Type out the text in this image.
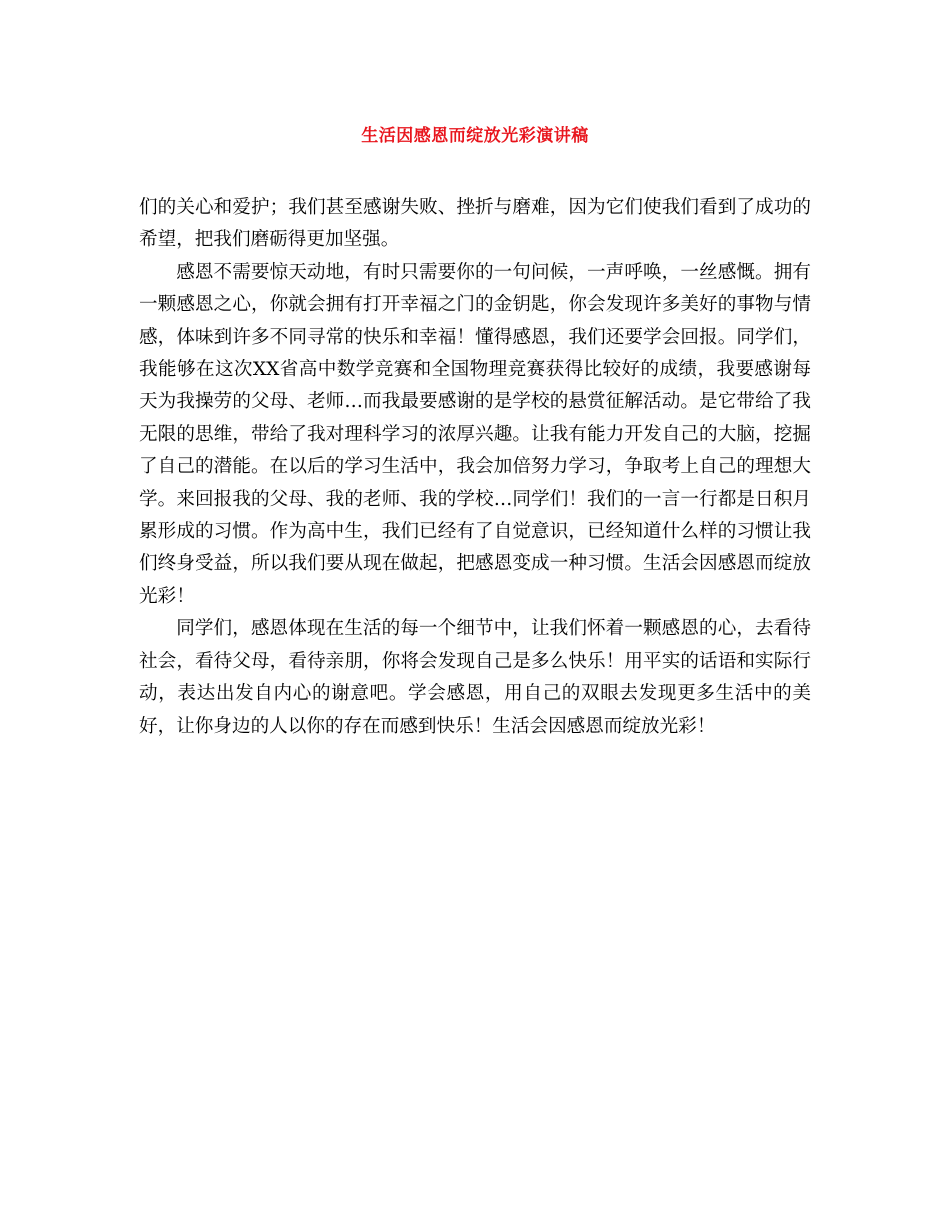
生活因感恩而绽放光彩演讲稿

们的关心和爱护；我们甚至感谢失败、挫折与磨难，因为它们使我们看到了成功的希望，把我们磨砺得更加坚强。

感恩不需要惊天动地，有时只需要你的一句问候，一声呼唤，一丝感慨。拥有一颗感恩之心，你就会拥有打开幸福之门的金钥匙，你会发现许多美好的事物与情感，体味到许多不同寻常的快乐和幸福！懂得感恩，我们还要学会回报。同学们，我能够在这次XX省高中数学竞赛和全国物理竞赛获得比较好的成绩，我要感谢每天为我操劳的父母、老师…而我最要感谢的是学校的悬赏征解活动。是它带给了我无限的思维，带给了我对理科学习的浓厚兴趣。让我有能力开发自己的大脑，挖掘了自己的潜能。在以后的学习生活中，我会加倍努力学习，争取考上自己的理想大学。来回报我的父母、我的老师、我的学校…同学们！我们的一言一行都是日积月累形成的习惯。作为高中生，我们已经有了自觉意识，已经知道什么样的习惯让我们终身受益，所以我们要从现在做起，把感恩变成一种习惯。生活会因感恩而绽放光彩！

同学们，感恩体现在生活的每一个细节中，让我们怀着一颗感恩的心，去看待社会，看待父母，看待亲朋，你将会发现自己是多么快乐！用平实的话语和实际行动，表达出发自内心的谢意吧。学会感恩，用自己的双眼去发现更多生活中的美好，让你身边的人以你的存在而感到快乐！生活会因感恩而绽放光彩！
